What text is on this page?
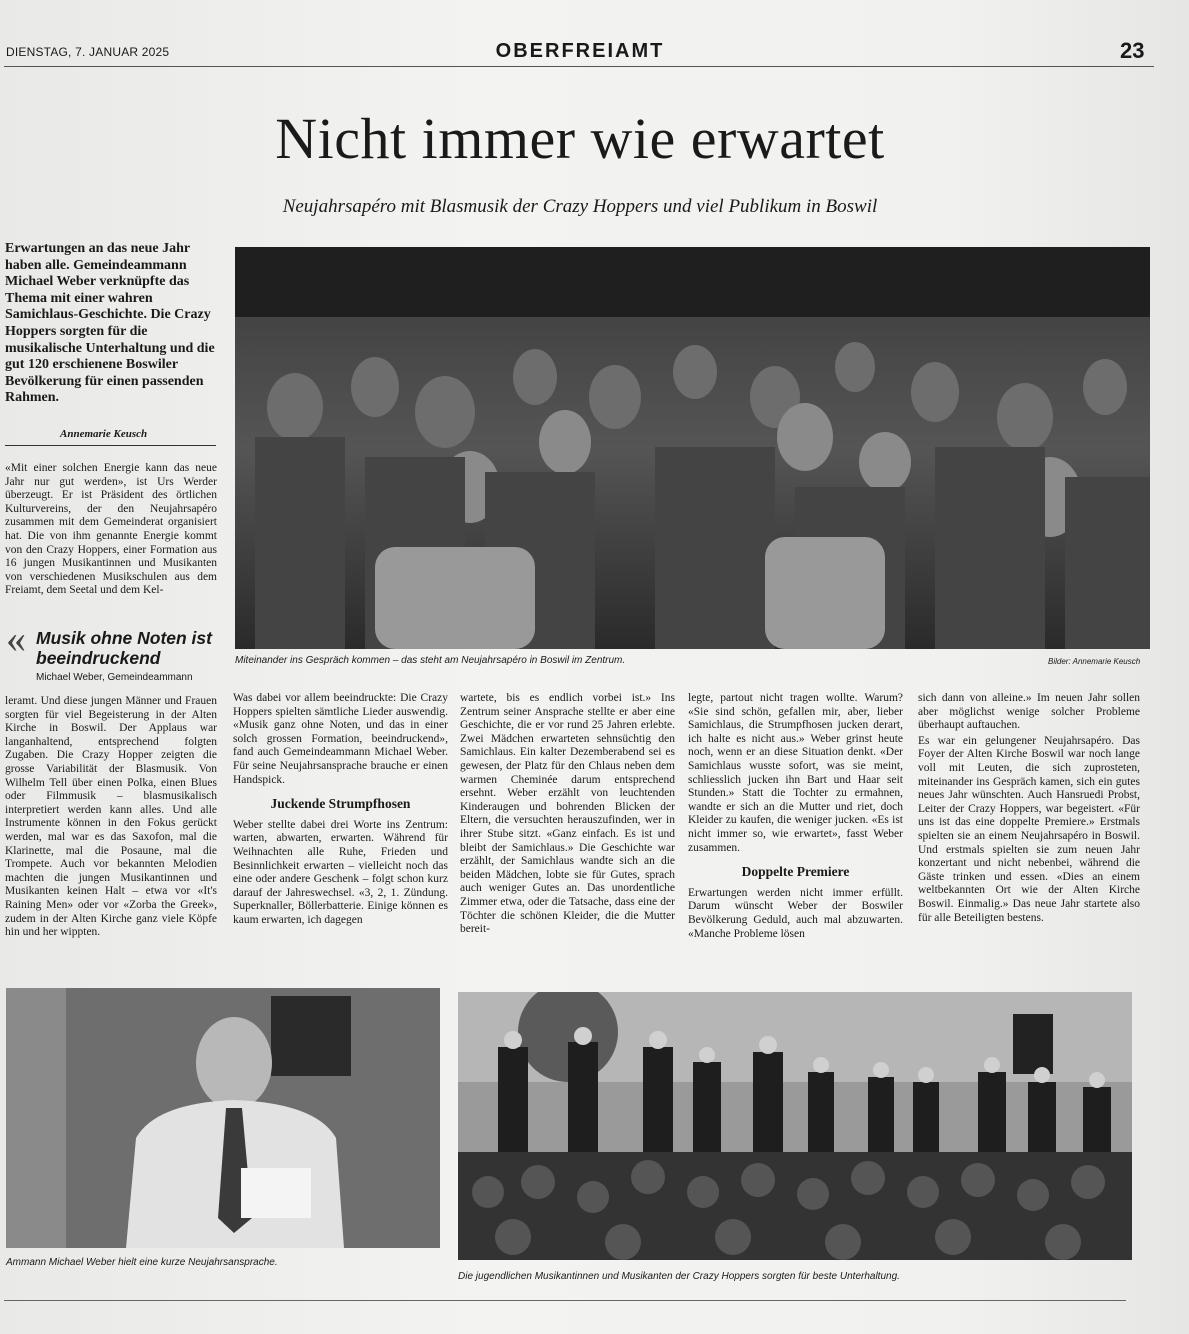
DIENSTAG, 7. JANUAR 2025	OBERFREIAMT	23
Nicht immer wie erwartet
Neujahrsapéro mit Blasmusik der Crazy Hoppers und viel Publikum in Boswil
Erwartungen an das neue Jahr haben alle. Gemeindeammann Michael Weber verknüpfte das Thema mit einer wahren Samichlaus-Geschichte. Die Crazy Hoppers sorgten für die musikalische Unterhaltung und die gut 120 erschienene Boswiler Bevölkerung für einen passenden Rahmen.
Annemarie Keusch

«Mit einer solchen Energie kann das neue Jahr nur gut werden», ist Urs Werder überzeugt. Er ist Präsident des örtlichen Kulturvereins, der den Neujahrsapéro zusammen mit dem Gemeinderat organisiert hat. Die von ihm genannte Energie kommt von den Crazy Hoppers, einer Formation aus 16 jungen Musikantinnen und Musikanten von verschiedenen Musikschulen aus dem Freiamt, dem Seetal und dem Kel-

« Musik ohne Noten ist beeindruckend
Michael Weber, Gemeindeammann

leramt. Und diese jungen Männer und Frauen sorgten für viel Begeisterung in der Alten Kirche in Boswil. Der Applaus war langanhaltend, entsprechend folgten Zugaben. Die Crazy Hopper zeigten die grosse Variabilität der Blasmusik. Von Wilhelm Tell über einen Polka, einen Blues oder Filmmusik – blasmusikalisch interpretiert werden kann alles. Und alle Instrumente können in den Fokus gerückt werden, mal war es das Saxofon, mal die Klarinette, mal die Posaune, mal die Trompete. Auch vor bekannten Melodien machten die jungen Musikantinnen und Musikanten keinen Halt – etwa vor «It's Raining Men» oder vor «Zorba the Greek», zudem in der Alten Kirche ganz viele Köpfe hin und her wippten.

Was dabei vor allem beeindruckte: Die Crazy Hoppers spielten sämtliche Lieder auswendig. «Musik ganz ohne Noten, und das in einer solch grossen Formation, beeindruckend», fand auch Gemeindeammann Michael Weber. Für seine Neujahrsansprache brauche er einen Handspick.

Juckende Strumpfhosen

Weber stellte dabei drei Worte ins Zentrum: warten, abwarten, erwarten. Während für Weihnachten alle Ruhe, Frieden und Besinnlichkeit erwarten – vielleicht noch das eine oder andere Geschenk – folgt schon kurz darauf der Jahreswechsel. «3, 2, 1. Zündung. Superknaller, Böllerbatterie. Einige können es kaum erwarten, ich dagegen

wartete, bis es endlich vorbei ist.» Ins Zentrum seiner Ansprache stellte er aber eine Geschichte, die er vor rund 25 Jahren erlebte. Zwei Mädchen erwarteten sehnsüchtig den Samichlaus. Ein kalter Dezemberabend sei es gewesen, der Platz für den Chlaus neben dem warmen Cheminée darum entsprechend ersehnt. Weber erzählt von leuchtenden Kinderaugen und bohrenden Blicken der Eltern, die versuchten herauszufinden, wer in ihrer Stube sitzt. «Ganz einfach. Es ist und bleibt der Samichlaus.» Die Geschichte war erzählt, der Samichlaus wandte sich an die beiden Mädchen, lobte sie für Gutes, sprach auch weniger Gutes an. Das unordentliche Zimmer etwa, oder die Tatsache, dass eine der Töchter die schönen Kleider, die die Mutter bereit-

legte, partout nicht tragen wollte. Warum? «Sie sind schön, gefallen mir, aber, lieber Samichlaus, die Strumpfhosen jucken derart, ich halte es nicht aus.» Weber grinst heute noch, wenn er an diese Situation denkt. «Der Samichlaus wusste sofort, was sie meint, schliesslich jucken ihn Bart und Haar seit Stunden.» Statt die Tochter zu ermahnen, wandte er sich an die Mutter und riet, doch Kleider zu kaufen, die weniger jucken. «Es ist nicht immer so, wie erwartet», fasst Weber zusammen.

Doppelte Premiere

Erwartungen werden nicht immer erfüllt. Darum wünscht Weber der Boswiler Bevölkerung Geduld, auch mal abzuwarten. «Manche Probleme lösen

sich dann von alleine.» Im neuen Jahr sollen aber möglichst wenige solcher Probleme überhaupt auftauchen.

Es war ein gelungener Neujahrsapéro. Das Foyer der Alten Kirche Boswil war noch lange voll mit Leuten, die sich zuprosteten, miteinander ins Gespräch kamen, sich ein gutes neues Jahr wünschten. Auch Hansruedi Probst, Leiter der Crazy Hoppers, war begeistert. «Für uns ist das eine doppelte Premiere.» Erstmals spielten sie an einem Neujahrsapéro in Boswil. Und erstmals spielten sie zum neuen Jahr konzertant und nicht nebenbei, während die Gäste trinken und essen. «Dies an einem weltbekannten Ort wie der Alten Kirche Boswil. Einmalig.» Das neue Jahr startete also für alle Beteiligten bestens.

Miteinander ins Gespräch kommen – das steht am Neujahrsapéro in Boswil im Zentrum.	Bilder: Annemarie Keusch
Ammann Michael Weber hielt eine kurze Neujahrsansprache.
Die jugendlichen Musikantinnen und Musikanten der Crazy Hoppers sorgten für beste Unterhaltung.
